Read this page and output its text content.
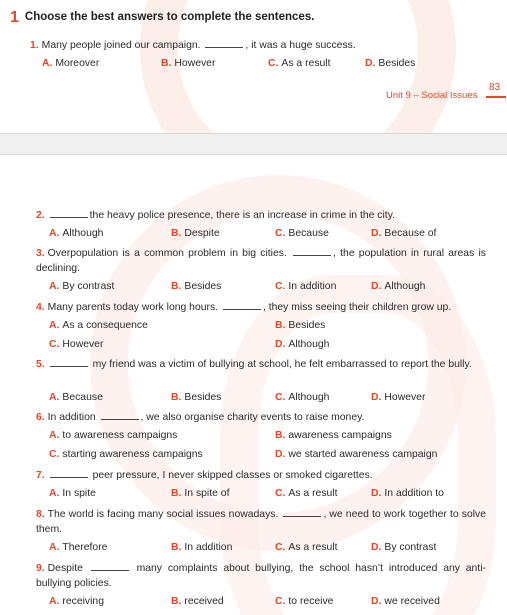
1 Choose the best answers to complete the sentences.
1. Many people joined our campaign.	, it was a huge success.
A. Moreover	B. However	C. As a result	D. Besides
Unit 9 – Social Issues
83
2.	the heavy police presence, there is an increase in crime in the city.
A. Although	B. Despite	C. Because	D. Because of
3. Overpopulation is a common problem in big cities.	, the population in rural areas is declining.
A. By contrast	B. Besides	C. In addition	D. Although
4. Many parents today work long hours.	, they miss seeing their children grow up.
A. As a consequence	B. Besides
C. However	D. Although
5.	my friend was a victim of bullying at school, he felt embarrassed to report the bully.
A. Because	B. Besides	C. Although	D. However
6. In addition	, we also organise charity events to raise money.
A. to awareness campaigns	B. awareness campaigns
C. starting awareness campaigns	D. we started awareness campaign
7.	peer pressure, I never skipped classes or smoked cigarettes.
A. In spite	B. In spite of	C. As a result	D. In addition to
8. The world is facing many social issues nowadays.	, we need to work together to solve them.
A. Therefore	B. In addition	C. As a result	D. By contrast
9. Despite	many complaints about bullying, the school hasn’t introduced any anti-bullying policies.
A. receiving	B. received	C. to receive	D. we received
